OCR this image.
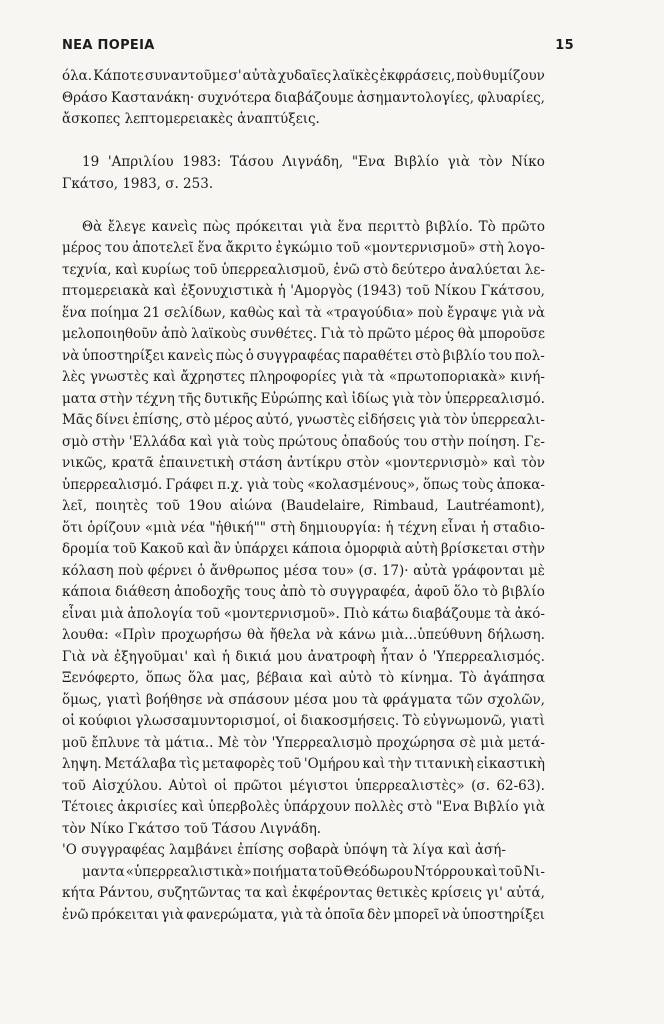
ΝΕΑ ΠΟΡΕΙΑ	15
όλα. Κάποτε συναντοῦμε σ' αὐτὰ χυδαῖες λαϊκὲς ἐκφράσεις, ποὺ θυμίζουν
Θράσο Καστανάκη· συχνότερα διαβάζουμε ἀσημαντολογίες, φλυαρίες,
ἄσκοπες λεπτομερειακὲς ἀναπτύξεις.
19 'Απριλίου 1983: Τάσου Λιγνάδη, "Ενα Βιβλίο γιὰ τὸν Νίκο
Γκάτσο, 1983, σ. 253.
Θὰ ἔλεγε κανεὶς πὼς πρόκειται γιὰ ἕνα περιττὸ βιβλίο. Τὸ πρῶτο
μέρος του ἀποτελεῖ ἕνα ἄκριτο ἐγκώμιο τοῦ «μοντερνισμοῦ» στὴ λογο-
τεχνία, καὶ κυρίως τοῦ ὑπερρεαλισμοῦ, ἐνῶ στὸ δεύτερο ἀναλύεται λε-
πτομερειακὰ καὶ ἐξονυχιστικὰ ἡ 'Αμοργὸς (1943) τοῦ Νίκου Γκάτσου,
ἕνα ποίημα 21 σελίδων, καθὼς καὶ τὰ «τραγούδια» ποὺ ἔγραψε γιὰ νὰ
μελοποιηθοῦν ἀπὸ λαϊκοὺς συνθέτες. Γιὰ τὸ πρῶτο μέρος θὰ μποροῦσε
νὰ ὑποστηρίξει κανεὶς πὼς ὁ συγγραφέας παραθέτει στὸ βιβλίο του πολ-
λὲς γνωστὲς καὶ ἄχρηστες πληροφορίες γιὰ τὰ «πρωτοποριακὰ» κινή-
ματα στὴν τέχνη τῆς δυτικῆς Εὐρώπης καὶ ἰδίως γιὰ τὸν ὑπερρεαλισμό.
Μᾶς δίνει ἐπίσης, στὸ μέρος αὐτό, γνωστὲς εἰδήσεις γιὰ τὸν ὑπερρεαλι-
σμὸ στὴν 'Ελλάδα καὶ γιὰ τοὺς πρώτους ὀπαδούς του στὴν ποίηση. Γε-
νικῶς, κρατᾶ ἐπαινετικὴ στάση ἀντίκρυ στὸν «μοντερνισμὸ» καὶ τὸν
ὑπερρεαλισμό. Γράφει π.χ. γιὰ τοὺς «κολασμένους», ὅπως τοὺς ἀποκα-
λεῖ, ποιητὲς τοῦ 19ου αἰώνα (Baudelaire, Rimbaud, Lautréamont),
ὅτι ὁρίζουν «μιὰ νέα "ἠθική"" στὴ δημιουργία: ἡ τέχνη εἶναι ἡ σταδιο-
δρομία τοῦ Κακοῦ καὶ ἂν ὑπάρχει κάποια ὀμορφιὰ αὐτὴ βρίσκεται στὴν
κόλαση ποὺ φέρνει ὁ ἄνθρωπος μέσα του» (σ. 17)· αὐτὰ γράφονται μὲ
κάποια διάθεση ἀποδοχῆς τους ἀπὸ τὸ συγγραφέα, ἀφοῦ ὅλο τὸ βιβλίο
εἶναι μιὰ ἀπολογία τοῦ «μοντερνισμοῦ». Πιὸ κάτω διαβάζουμε τὰ ἀκό-
λουθα: «Πρὶν προχωρήσω θὰ ἤθελα νὰ κάνω μιὰ...ὑπεύθυνη δήλωση.
Γιὰ νὰ ἐξηγοῦμαι' καὶ ἡ δικιά μου ἀνατροφὴ ἦταν ὁ 'Υπερρεαλισμός.
Ξενόφερτο, ὅπως ὅλα μας, βέβαια καὶ αὐτὸ τὸ κίνημα. Τὸ ἀγάπησα
ὅμως, γιατὶ βοήθησε νὰ σπάσουν μέσα μου τὰ φράγματα τῶν σχολῶν,
οἱ κούφιοι γλωσσαμυντορισμοί, οἱ διακοσμήσεις. Τὸ εὐγνωμονῶ, γιατὶ
μοῦ ἔπλυνε τὰ μάτια.. Μὲ τὸν 'Υπερρεαλισμὸ προχώρησα σὲ μιὰ μετά-
ληψη. Μετάλαβα τὶς μεταφορὲς τοῦ 'Ομήρου καὶ τὴν τιτανικὴ εἰκαστικὴ
τοῦ Αἰσχύλου. Αὐτοὶ οἱ πρῶτοι μέγιστοι ὑπερρεαλιστὲς» (σ. 62-63).
Τέτοιες ἀκρισίες καὶ ὑπερβολὲς ὑπάρχουν πολλὲς στὸ "Ενα Βιβλίο γιὰ
τὸν Νίκο Γκάτσο τοῦ Τάσου Λιγνάδη.
'Ο συγγραφέας λαμβάνει ἐπίσης σοβαρὰ ὑπόψη τὰ λίγα καὶ ἀσή-
μαντα «ὑπερρεαλιστικὰ» ποιήματα τοῦ Θεόδωρου Ντόρρου καὶ τοῦ Νι-
κήτα Ράντου, συζητῶντας τα καὶ ἐκφέροντας θετικὲς κρίσεις γι' αὐτά,
ἐνῶ πρόκειται γιὰ φανερώματα, γιὰ τὰ ὁποῖα δὲν μπορεῖ νὰ ὑποστηρίξει
